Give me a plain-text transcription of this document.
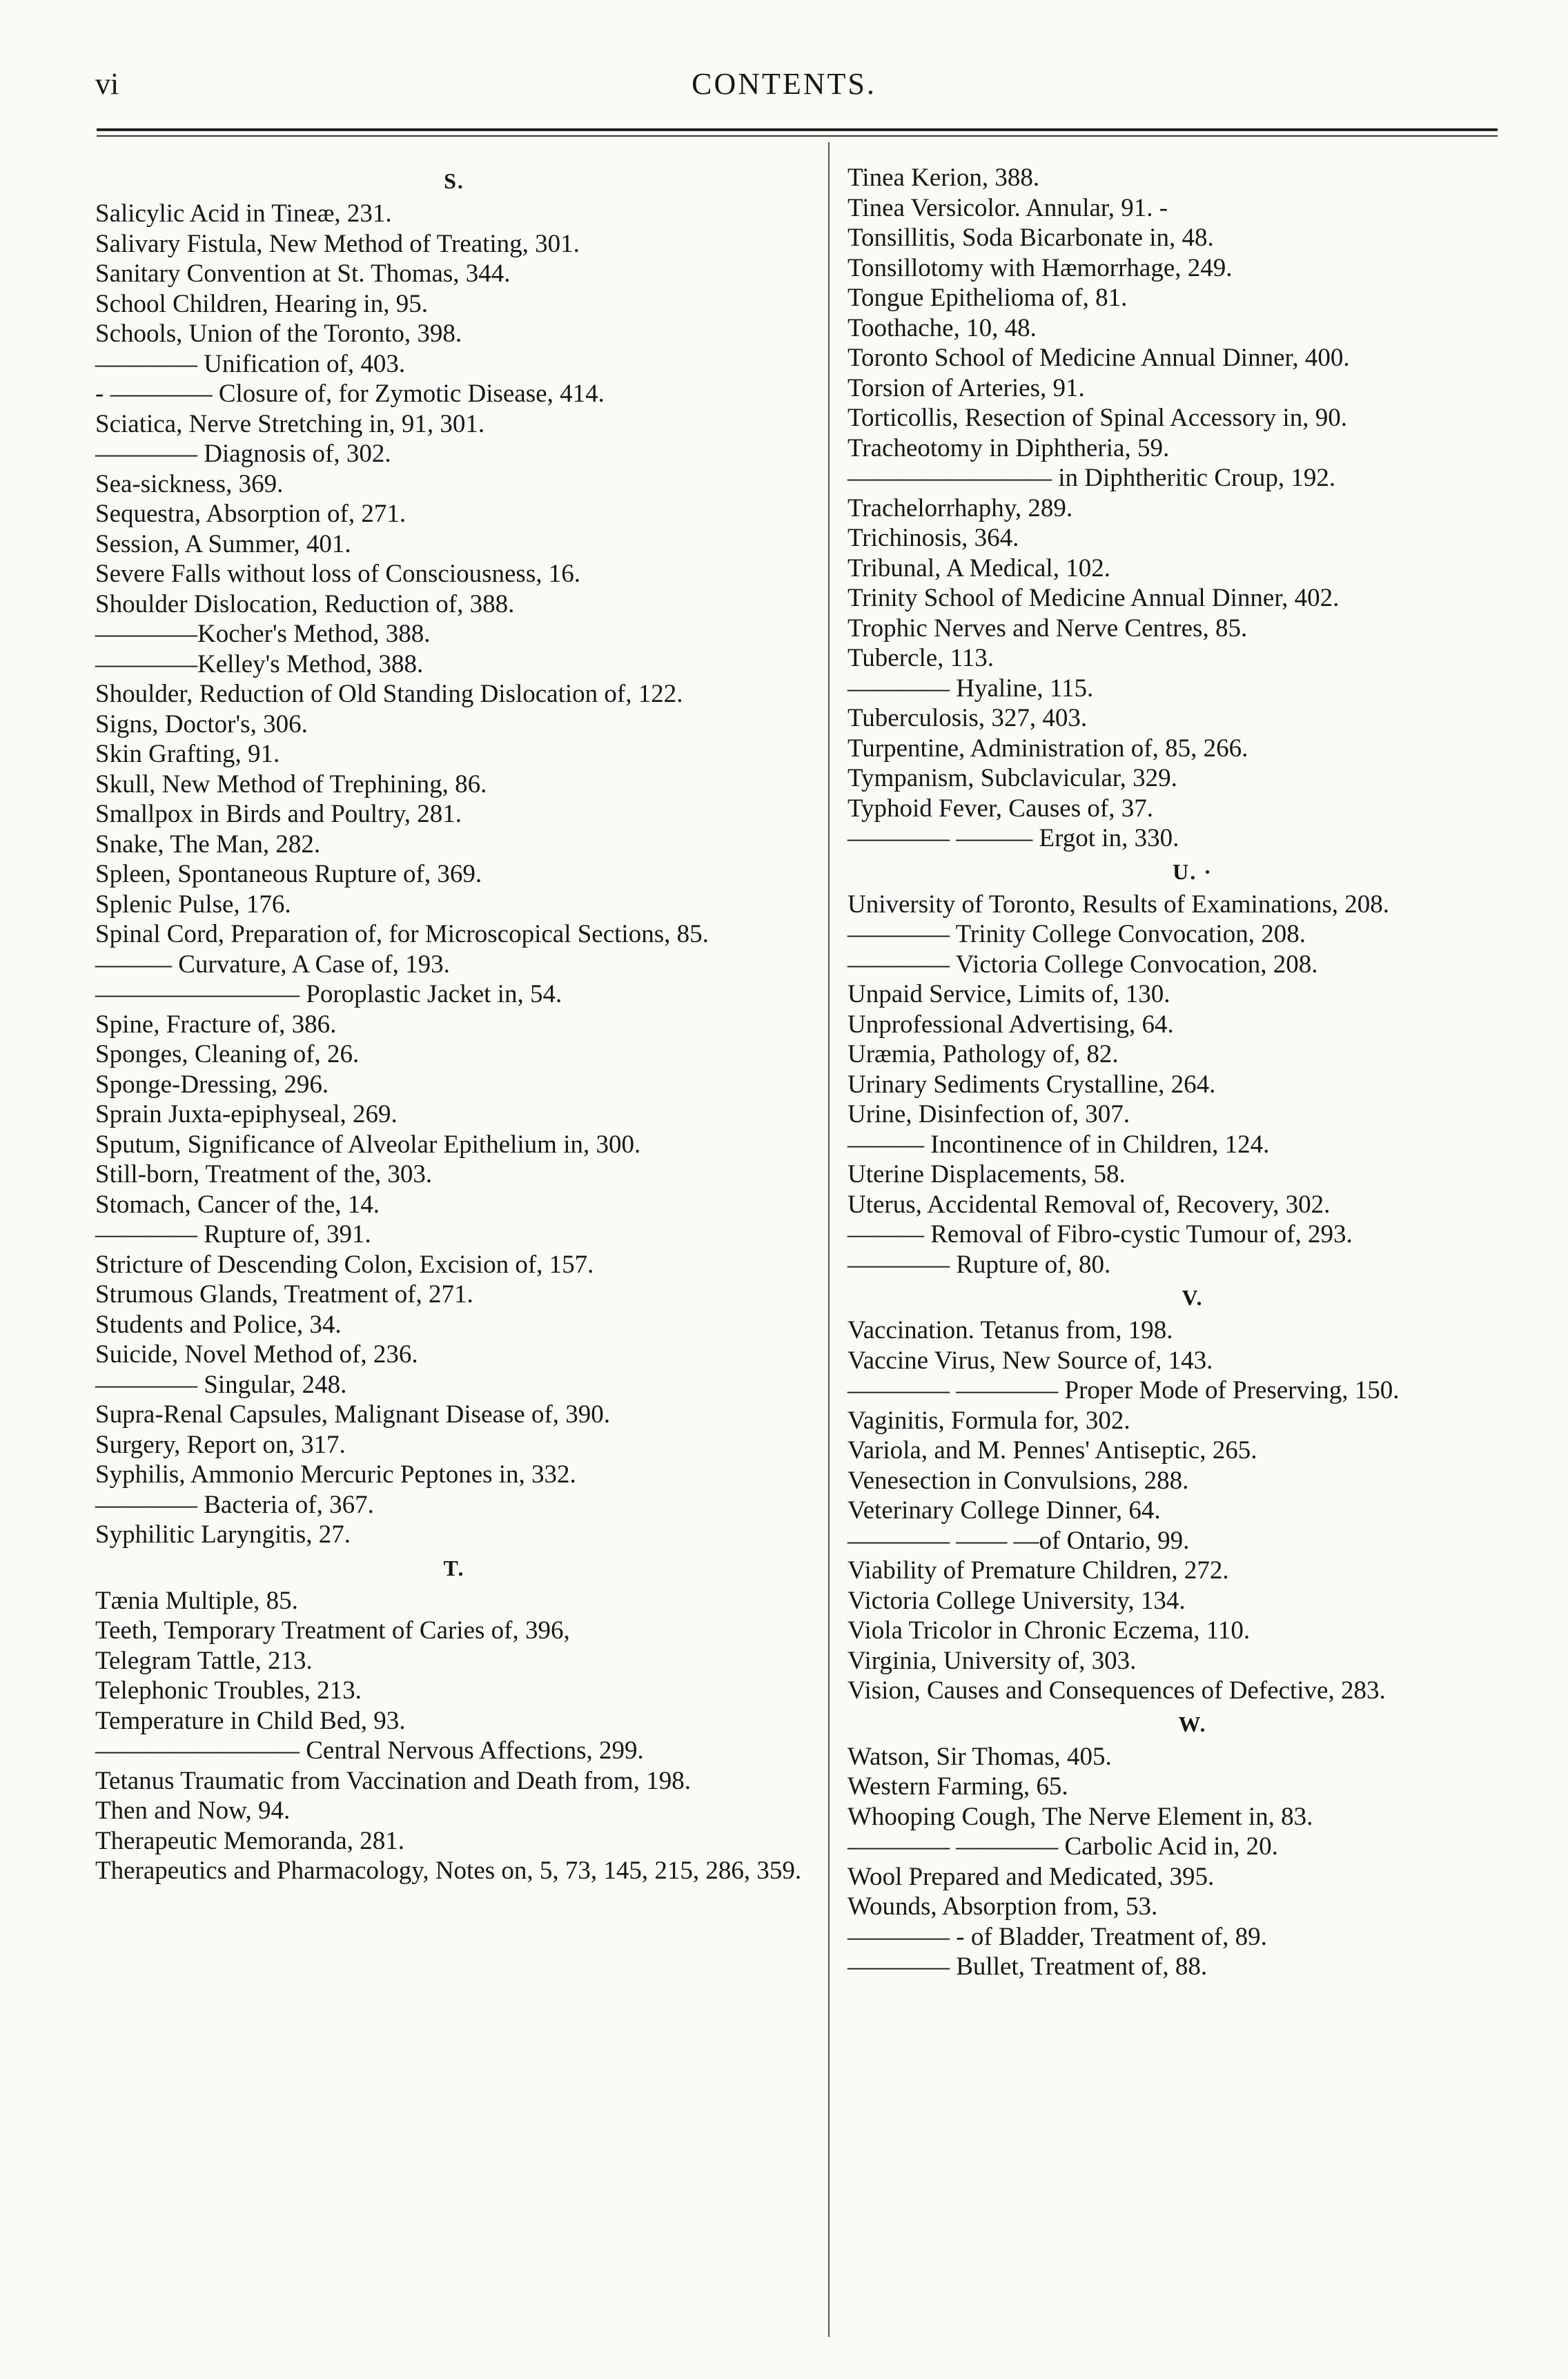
vi	CONTENTS.
S.
Salicylic Acid in Tineæ, 231.
Salivary Fistula, New Method of Treating, 301.
Sanitary Convention at St. Thomas, 344.
School Children, Hearing in, 95.
Schools, Union of the Toronto, 398.
———— Unification of, 403.
- ———— Closure of, for Zymotic Disease, 414.
Sciatica, Nerve Stretching in, 91, 301.
———— Diagnosis of, 302.
Sea-sickness, 369.
Sequestra, Absorption of, 271.
Session, A Summer, 401.
Severe Falls without loss of Consciousness, 16.
Shoulder Dislocation, Reduction of, 388.
————Kocher's Method, 388.
————Kelley's Method, 388.
Shoulder, Reduction of Old Standing Dislocation of, 122.
Signs, Doctor's, 306.
Skin Grafting, 91.
Skull, New Method of Trephining, 86.
Smallpox in Birds and Poultry, 281.
Snake, The Man, 282.
Spleen, Spontaneous Rupture of, 369.
Splenic Pulse, 176.
Spinal Cord, Preparation of, for Microscopical Sections, 85.
——— Curvature, A Case of, 193.
———————— Poroplastic Jacket in, 54.
Spine, Fracture of, 386.
Sponges, Cleaning of, 26.
Sponge-Dressing, 296.
Sprain Juxta-epiphyseal, 269.
Sputum, Significance of Alveolar Epithelium in, 300.
Still-born, Treatment of the, 303.
Stomach, Cancer of the, 14.
———— Rupture of, 391.
Stricture of Descending Colon, Excision of, 157.
Strumous Glands, Treatment of, 271.
Students and Police, 34.
Suicide, Novel Method of, 236.
———— Singular, 248.
Supra-Renal Capsules, Malignant Disease of, 390.
Surgery, Report on, 317.
Syphilis, Ammonio Mercuric Peptones in, 332.
———— Bacteria of, 367.
Syphilitic Laryngitis, 27.
T.
Tænia Multiple, 85.
Teeth, Temporary Treatment of Caries of, 396,
Telegram Tattle, 213.
Telephonic Troubles, 213.
Temperature in Child Bed, 93.
———————— Central Nervous Affections, 299.
Tetanus Traumatic from Vaccination and Death from, 198.
Then and Now, 94.
Therapeutic Memoranda, 281.
Therapeutics and Pharmacology, Notes on, 5, 73, 145, 215, 286, 359.
Tinea Kerion, 388.
Tinea Versicolor. Annular, 91. -
Tonsillitis, Soda Bicarbonate in, 48.
Tonsillotomy with Hæmorrhage, 249.
Tongue Epithelioma of, 81.
Toothache, 10, 48.
Toronto School of Medicine Annual Dinner, 400.
Torsion of Arteries, 91.
Torticollis, Resection of Spinal Accessory in, 90.
Tracheotomy in Diphtheria, 59.
———————— in Diphtheritic Croup, 192.
Trachelorrhaphy, 289.
Trichinosis, 364.
Tribunal, A Medical, 102.
Trinity School of Medicine Annual Dinner, 402.
Trophic Nerves and Nerve Centres, 85.
Tubercle, 113.
———— Hyaline, 115.
Tuberculosis, 327, 403.
Turpentine, Administration of, 85, 266.
Tympanism, Subclavicular, 329.
Typhoid Fever, Causes of, 37.
———— ——— Ergot in, 330.
U. ·
University of Toronto, Results of Examinations, 208.
———— Trinity College Convocation, 208.
———— Victoria College Convocation, 208.
Unpaid Service, Limits of, 130.
Unprofessional Advertising, 64.
Uræmia, Pathology of, 82.
Urinary Sediments Crystalline, 264.
Urine, Disinfection of, 307.
——— Incontinence of in Children, 124.
Uterine Displacements, 58.
Uterus, Accidental Removal of, Recovery, 302.
——— Removal of Fibro-cystic Tumour of, 293.
———— Rupture of, 80.
V.
Vaccination. Tetanus from, 198.
Vaccine Virus, New Source of, 143.
———— ———— Proper Mode of Preserving, 150.
Vaginitis, Formula for, 302.
Variola, and M. Pennes' Antiseptic, 265.
Venesection in Convulsions, 288.
Veterinary College Dinner, 64.
———— —— —of Ontario, 99.
Viability of Premature Children, 272.
Victoria College University, 134.
Viola Tricolor in Chronic Eczema, 110.
Virginia, University of, 303.
Vision, Causes and Consequences of Defective, 283.
W.
Watson, Sir Thomas, 405.
Western Farming, 65.
Whooping Cough, The Nerve Element in, 83.
———— ———— Carbolic Acid in, 20.
Wool Prepared and Medicated, 395.
Wounds, Absorption from, 53.
———— - of Bladder, Treatment of, 89.
———— Bullet, Treatment of, 88.
